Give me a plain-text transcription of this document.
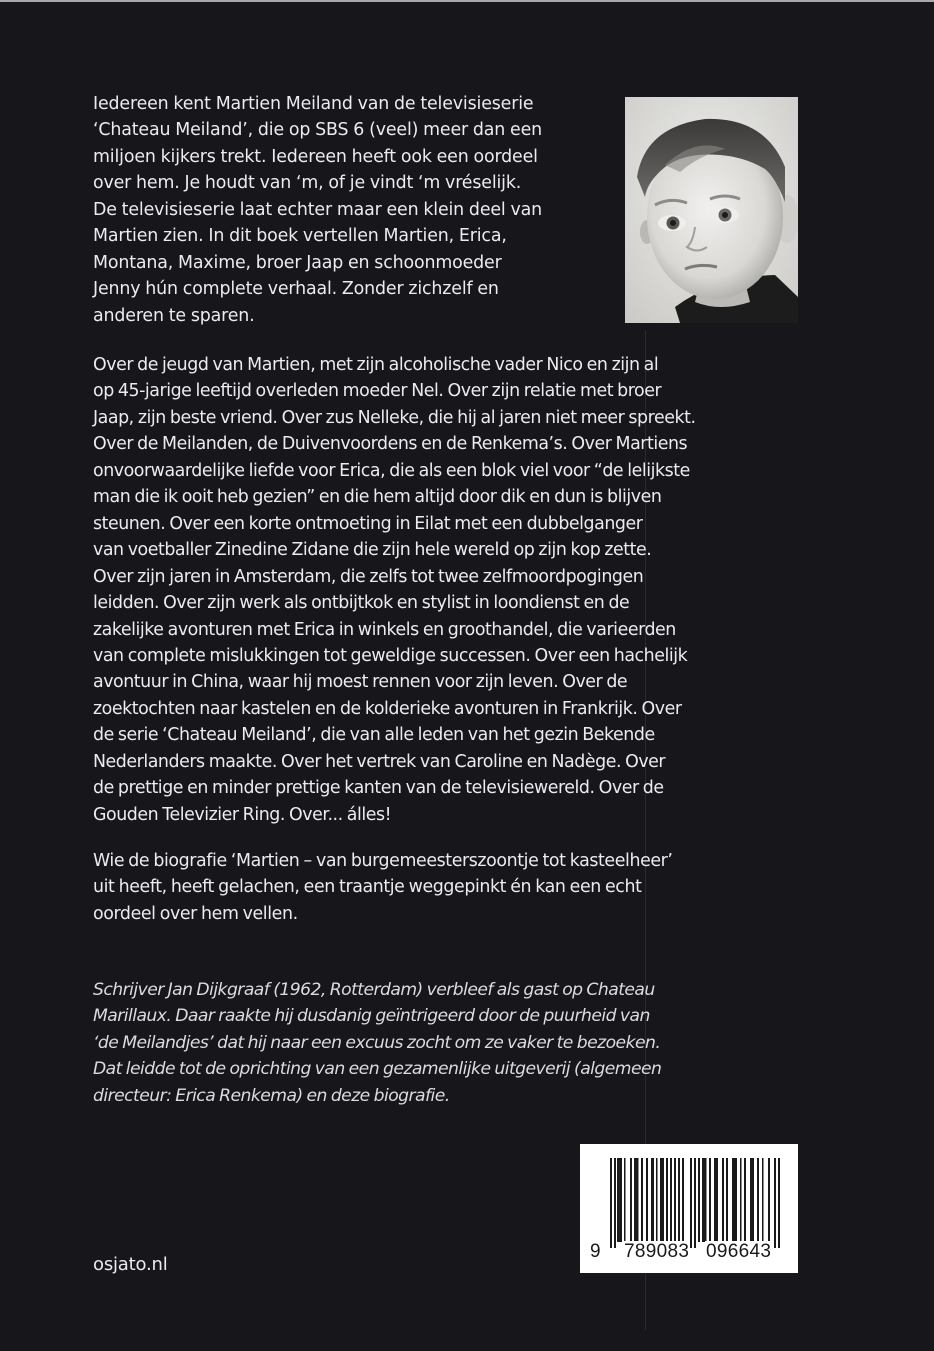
Iedereen kent Martien Meiland van de televisieserie
‘Chateau Meiland’, die op SBS 6 (veel) meer dan een
miljoen kijkers trekt. Iedereen heeft ook een oordeel
over hem. Je houdt van ‘m, of je vindt ‘m vréselijk.
De televisieserie laat echter maar een klein deel van
Martien zien. In dit boek vertellen Martien, Erica,
Montana, Maxime, broer Jaap en schoonmoeder
Jenny hún complete verhaal. Zonder zichzelf en
anderen te sparen.
Over de jeugd van Martien, met zijn alcoholische vader Nico en zijn al
op 45-jarige leeftijd overleden moeder Nel. Over zijn relatie met broer
Jaap, zijn beste vriend. Over zus Nelleke, die hij al jaren niet meer spreekt.
Over de Meilanden, de Duivenvoordens en de Renkema’s. Over Martiens
onvoorwaardelijke liefde voor Erica, die als een blok viel voor “de lelijkste
man die ik ooit heb gezien” en die hem altijd door dik en dun is blijven
steunen. Over een korte ontmoeting in Eilat met een dubbelganger
van voetballer Zinedine Zidane die zijn hele wereld op zijn kop zette.
Over zijn jaren in Amsterdam, die zelfs tot twee zelfmoordpogingen
leidden. Over zijn werk als ontbijtkok en stylist in loondienst en de
zakelijke avonturen met Erica in winkels en groothandel, die varieerden
van complete mislukkingen tot geweldige successen. Over een hachelijk
avontuur in China, waar hij moest rennen voor zijn leven. Over de
zoektochten naar kastelen en de kolderieke avonturen in Frankrijk. Over
de serie ‘Chateau Meiland’, die van alle leden van het gezin Bekende
Nederlanders maakte. Over het vertrek van Caroline en Nadège. Over
de prettige en minder prettige kanten van de televisiewereld. Over de
Gouden Televizier Ring. Over... álles!
Wie de biografie ‘Martien – van burgemeesterszoontje tot kasteelheer’
uit heeft, heeft gelachen, een traantje weggepinkt én kan een echt
oordeel over hem vellen.
Schrijver Jan Dijkgraaf (1962, Rotterdam) verbleef als gast op Chateau
Marillaux. Daar raakte hij dusdanig geïntrigeerd door de puurheid van
‘de Meilandjes’ dat hij naar een excuus zocht om ze vaker te bezoeken.
Dat leidde tot de oprichting van een gezamenlijke uitgeverij (algemeen
directeur: Erica Renkema) en deze biografie.

9

789083

096643

osjato.nl
